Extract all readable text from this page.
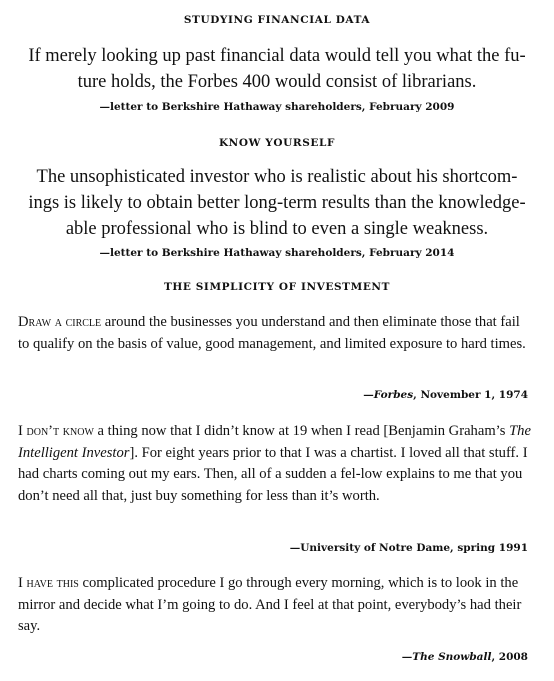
STUDYING FINANCIAL DATA
If merely looking up past financial data would tell you what the fu-
ture holds, the Forbes 400 would consist of librarians.
—letter to Berkshire Hathaway shareholders, February 2009
KNOW YOURSELF
The unsophisticated investor who is realistic about his shortcom-
ings is likely to obtain better long-term results than the knowledge-
able professional who is blind to even a single weakness.
—letter to Berkshire Hathaway shareholders, February 2014
THE SIMPLICITY OF INVESTMENT
Draw a circle around the businesses you understand and then eliminate those that fail to qualify on the basis of value, good management, and limited exposure to hard times.
—Forbes, November 1, 1974
I don’t know a thing now that I didn’t know at 19 when I read [Benjamin Graham’s The Intelligent Investor]. For eight years prior to that I was a chartist. I loved all that stuff. I had charts coming out my ears. Then, all of a sudden a fel-low explains to me that you don’t need all that, just buy something for less than it’s worth.
—University of Notre Dame, spring 1991
I have this complicated procedure I go through every morning, which is to look in the mirror and decide what I’m going to do. And I feel at that point, everybody’s had their say.
—The Snowball, 2008
